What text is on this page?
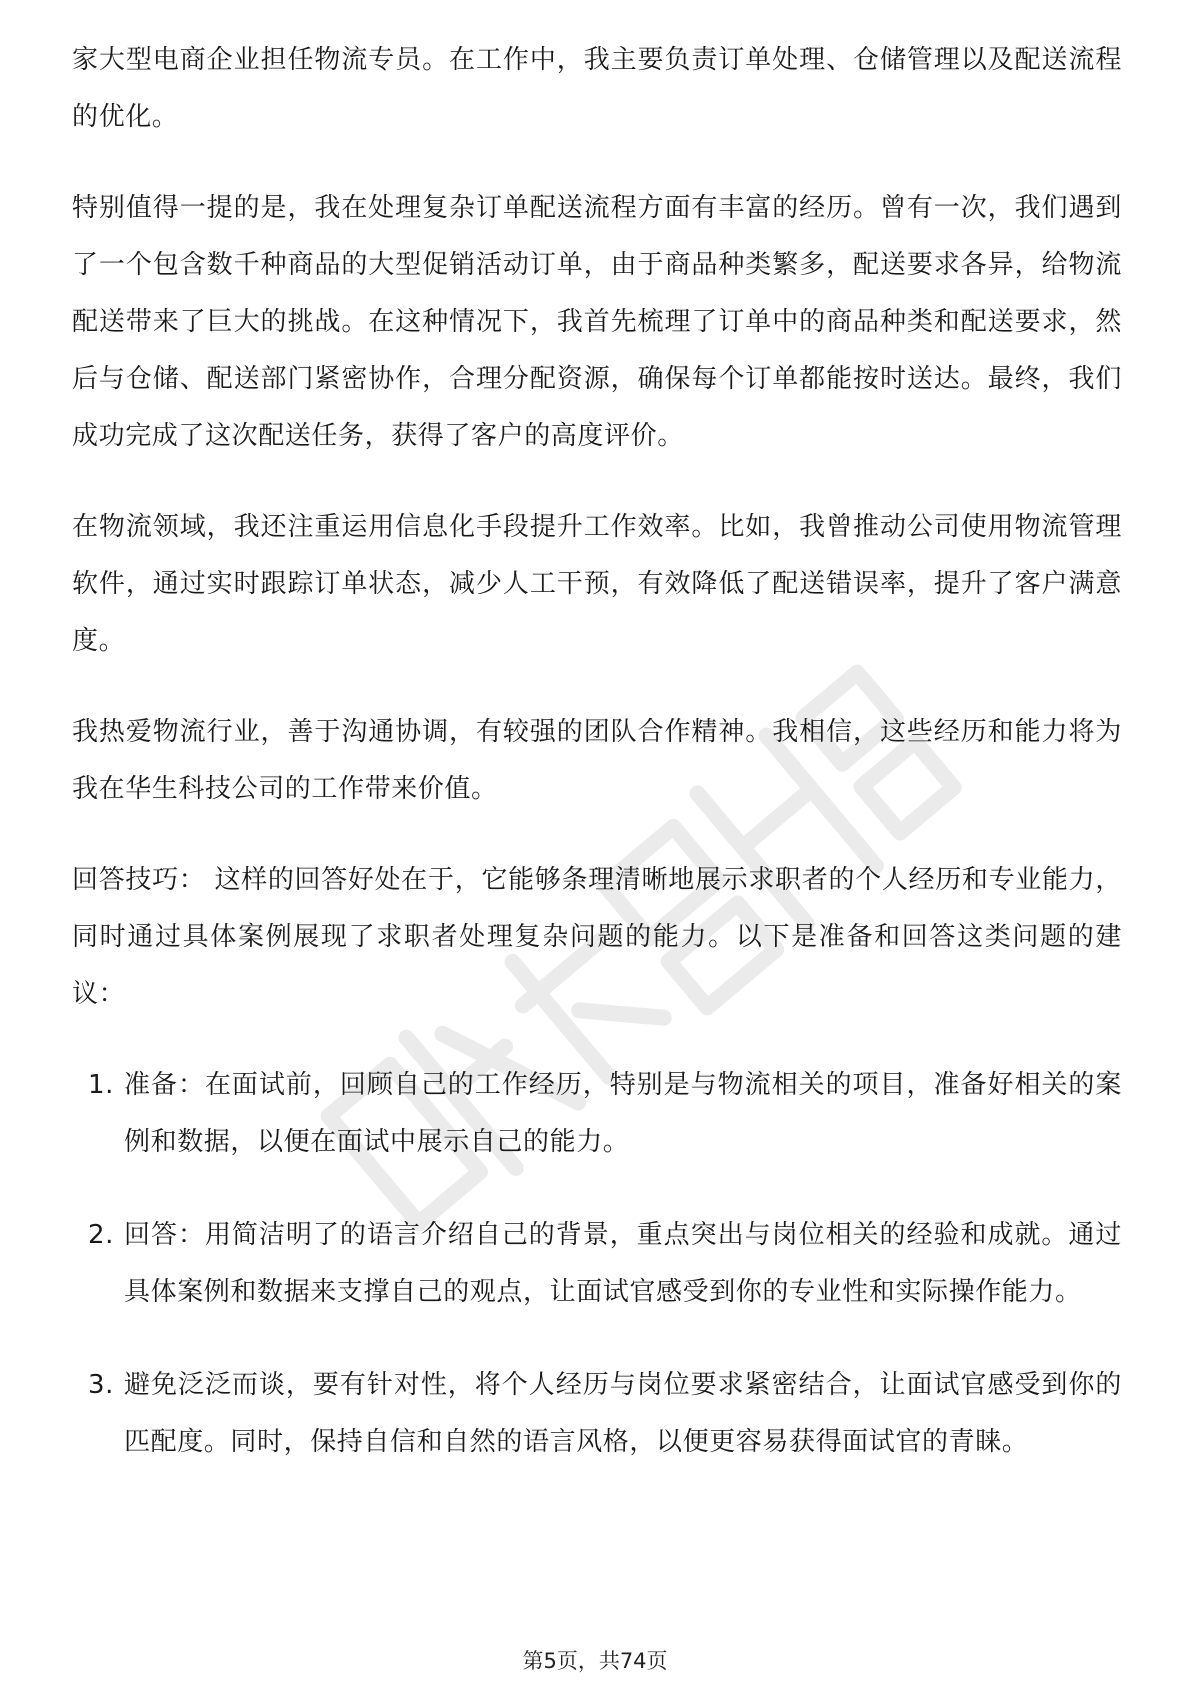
家大型电商企业担任物流专员。在工作中，我主要负责订单处理、仓储管理以及配送流程的优化。

特别值得一提的是，我在处理复杂订单配送流程方面有丰富的经历。曾有一次，我们遇到了一个包含数千种商品的大型促销活动订单，由于商品种类繁多，配送要求各异，给物流配送带来了巨大的挑战。在这种情况下，我首先梳理了订单中的商品种类和配送要求，然后与仓储、配送部门紧密协作，合理分配资源，确保每个订单都能按时送达。最终，我们成功完成了这次配送任务，获得了客户的高度评价。

在物流领域，我还注重运用信息化手段提升工作效率。比如，我曾推动公司使用物流管理软件，通过实时跟踪订单状态，减少人工干预，有效降低了配送错误率，提升了客户满意度。

我热爱物流行业，善于沟通协调，有较强的团队合作精神。我相信，这些经历和能力将为我在华生科技公司的工作带来价值。

回答技巧： 这样的回答好处在于，它能够条理清晰地展示求职者的个人经历和专业能力，同时通过具体案例展现了求职者处理复杂问题的能力。以下是准备和回答这类问题的建议：

1. 准备：在面试前，回顾自己的工作经历，特别是与物流相关的项目，准备好相关的案例和数据，以便在面试中展示自己的能力。
2. 回答：用简洁明了的语言介绍自己的背景，重点突出与岗位相关的经验和成就。通过具体案例和数据来支撑自己的观点，让面试官感受到你的专业性和实际操作能力。
3. 避免泛泛而谈，要有针对性，将个人经历与岗位要求紧密结合，让面试官感受到你的匹配度。同时，保持自信和自然的语言风格，以便更容易获得面试官的青睐。
第5页，共74页
